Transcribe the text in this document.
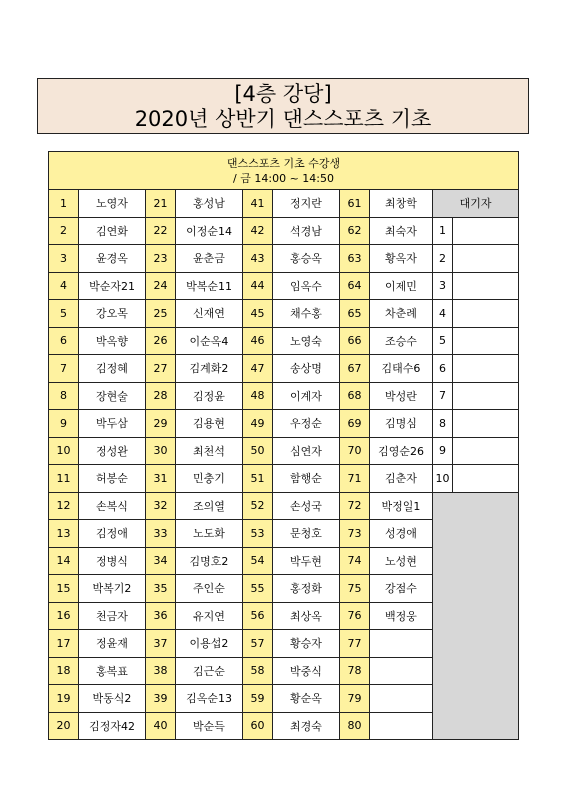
[4층 강당]
2020년 상반기 댄스스포츠 기초
댄스스포츠 기초 수강생
/ 금 14:00 ~ 14:50									

1	노영자	21	홍성남	41	정지란	61	최창학	대기자	
2	김연화	22	이정순14	42	석경남	62	최숙자	1	
3	윤경옥	23	윤춘금	43	홍승옥	63	황옥자	2	
4	박순자21	24	박복순11	44	임옥수	64	이제민	3	
5	강오목	25	신재연	45	채수홍	65	차춘례	4	
6	박옥향	26	이순옥4	46	노영숙	66	조승수	5	
7	김정혜	27	김계화2	47	송상명	67	김태수6	6	
8	장현술	28	김정윤	48	이계자	68	박성란	7	
9	박두삼	29	김용현	49	우정순	69	김명심	8	
10	정성완	30	최천석	50	심연자	70	김영순26	9	
11	허봉순	31	민충기	51	함행순	71	김춘자	10	
12	손복식	32	조의열	52	손성국	72	박정일1		
13	김정애	33	노도화	53	문청호	73	성경애		
14	정병식	34	김명호2	54	박두현	74	노성현		
15	박복기2	35	주인순	55	홍정화	75	강점수		
16	천금자	36	유지연	56	최상옥	76	백정웅		
17	정윤재	37	이용섭2	57	황승자	77			
18	홍복표	38	김근순	58	박중식	78			
19	박동식2	39	김옥순13	59	황순옥	79			
20	김정자42	40	박순득	60	최경숙	80			
